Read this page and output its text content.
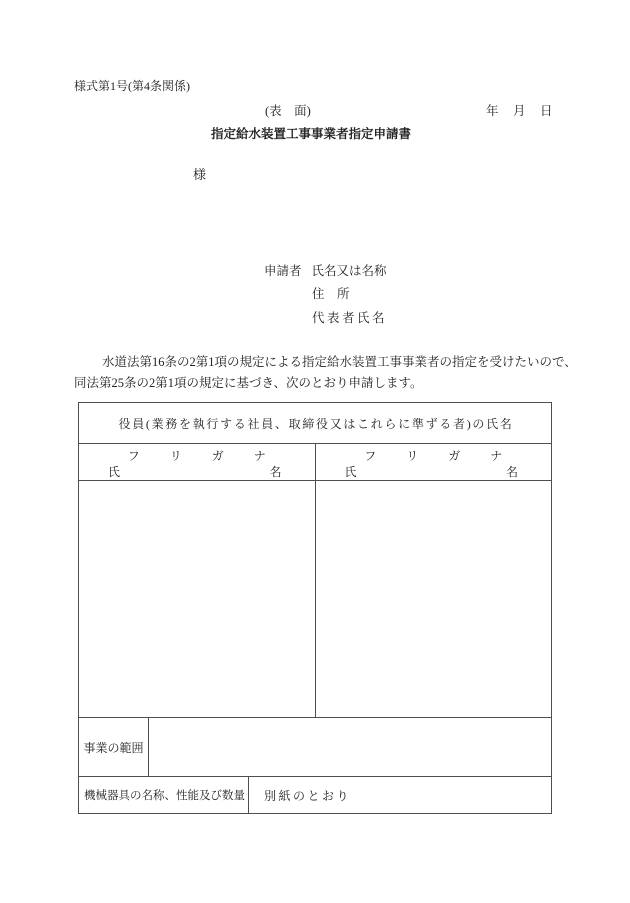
様式第1号(第4条関係)
(表　面)	年　月　日
指定給水装置工事事業者指定申請書
様
申請者 氏名又は名称
住　所
代表者氏名
水道法第16条の2第1項の規定による指定給水装置工事事業者の指定を受けたいので、
同法第25条の2第1項の規定に基づき、次のとおり申請します。
役員(業務を執行する社員、取締役又はこれらに準ずる者)の氏名
フ　リ　ガ　ナ
氏	名
フ　リ　ガ　ナ
氏	名
事業の範囲
機械器具の名称、性能及び数量	別紙のとおり
